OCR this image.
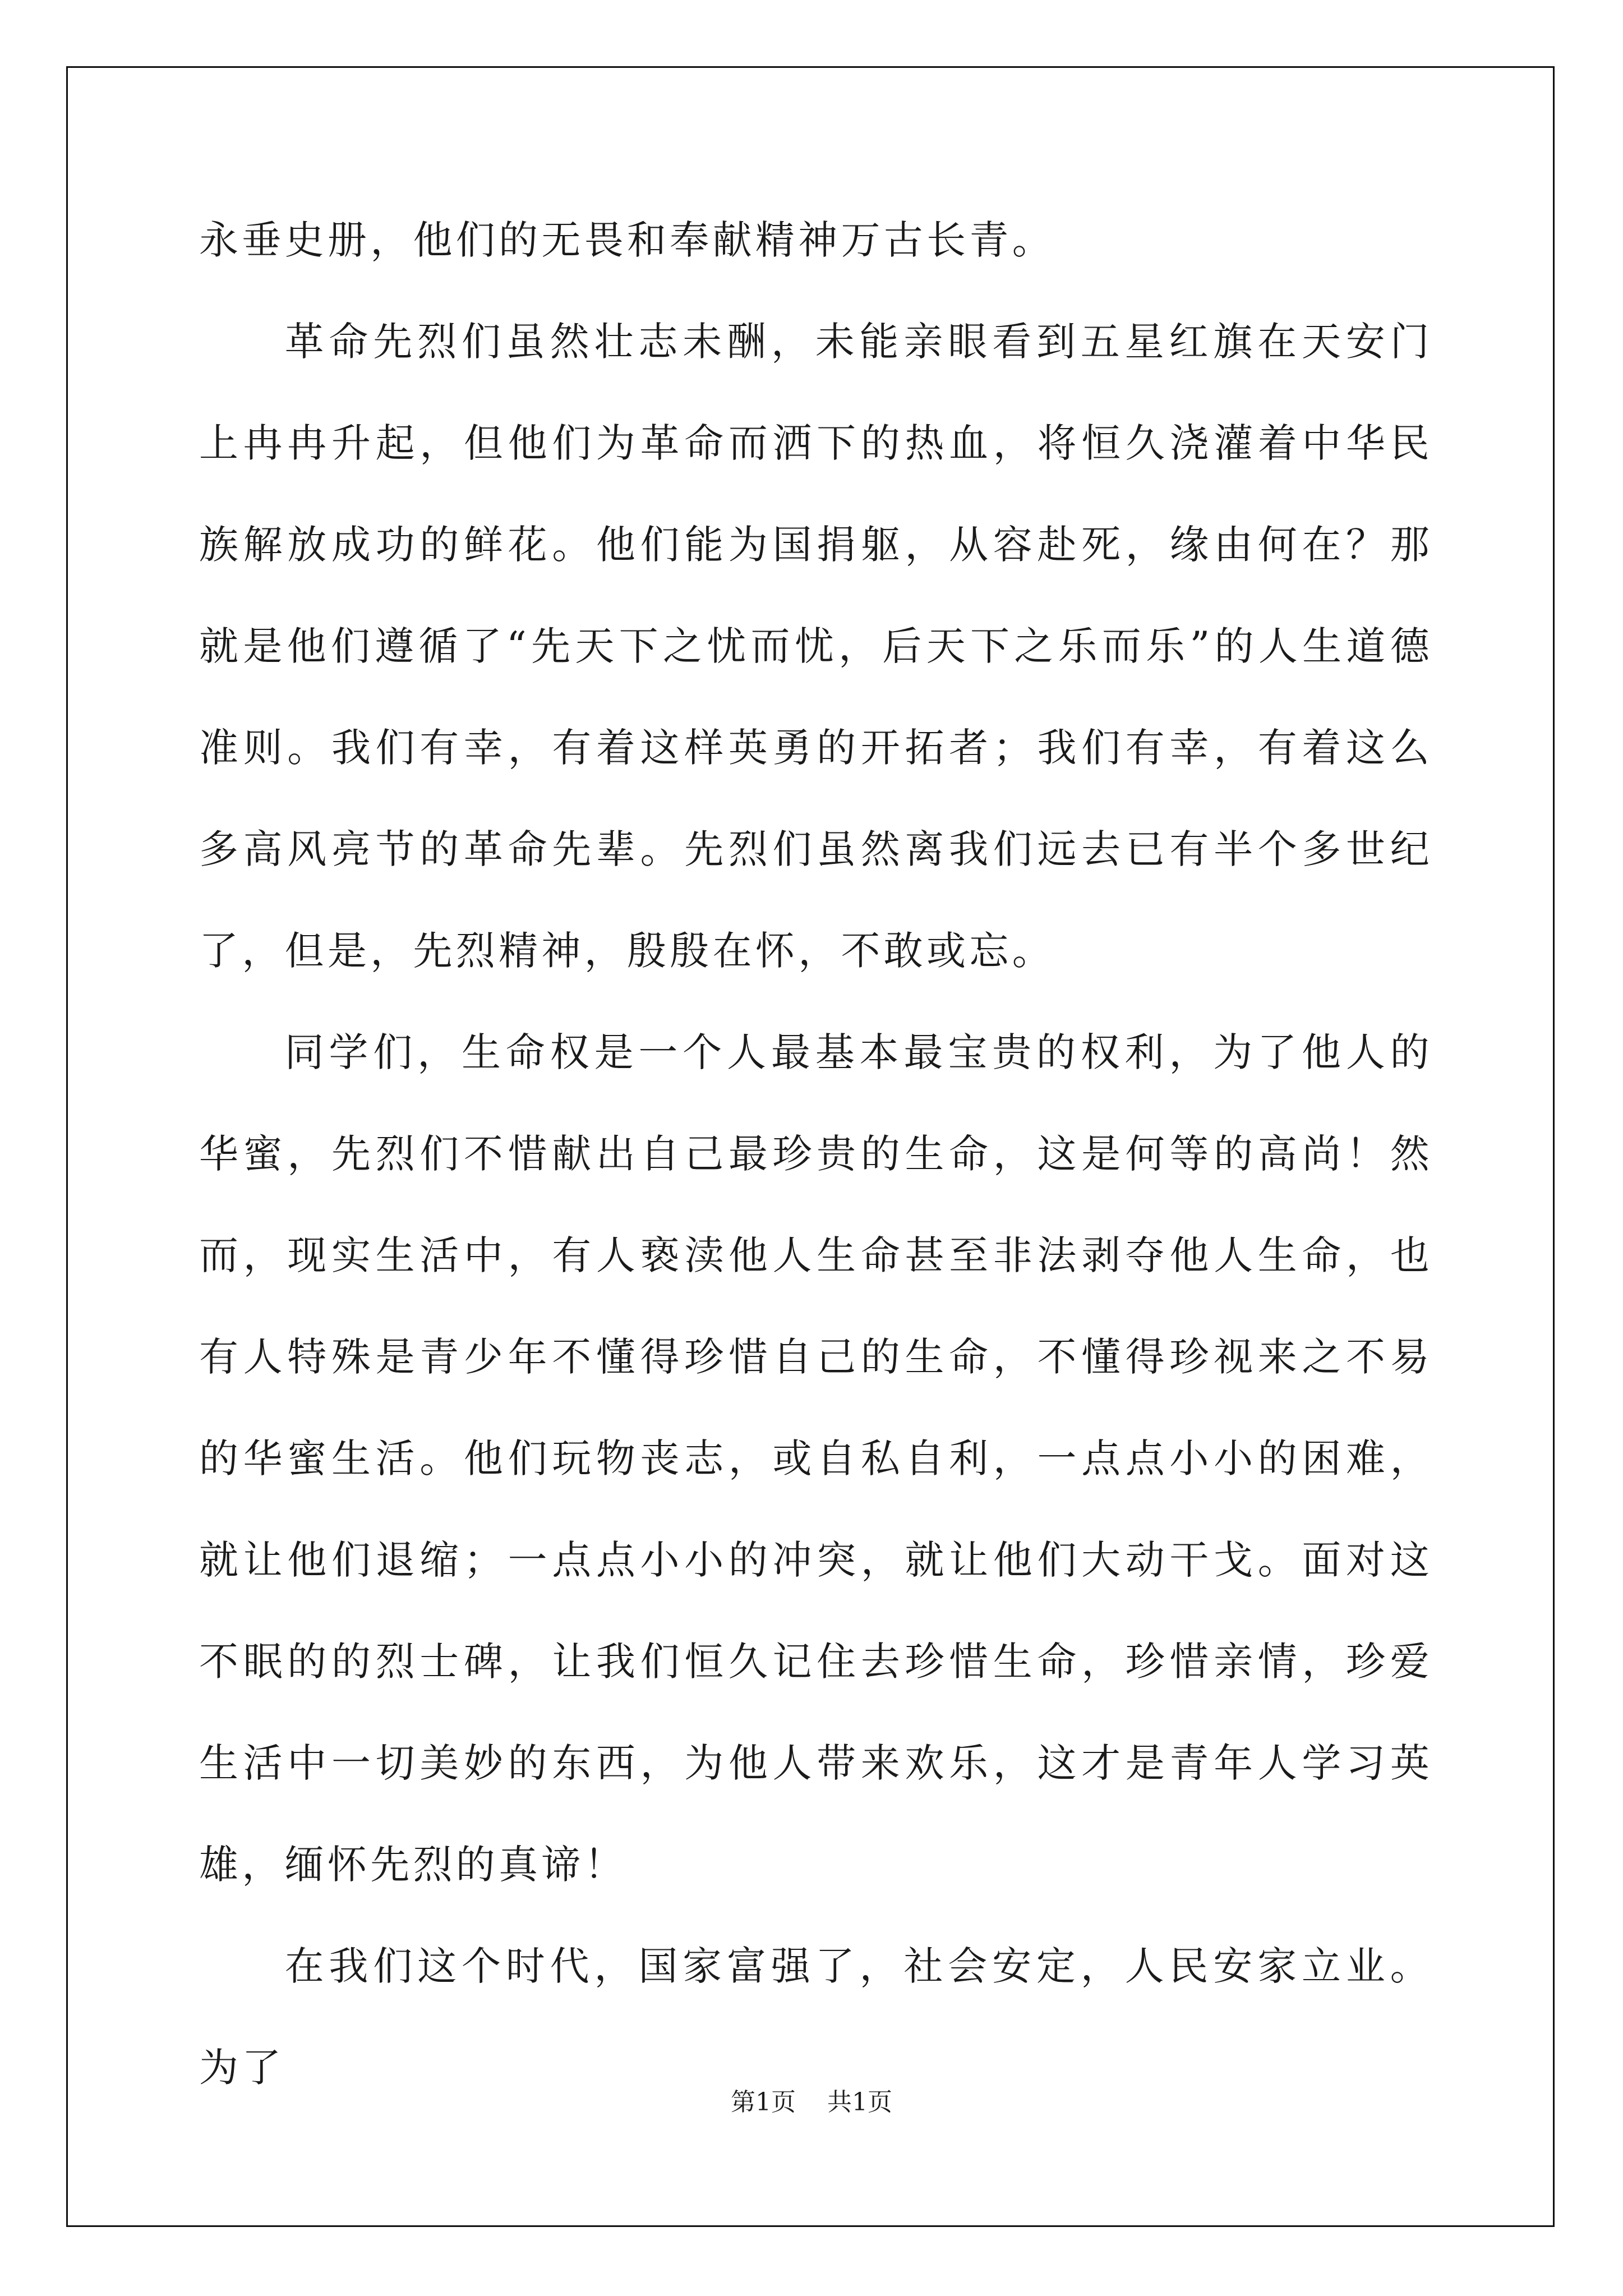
永垂史册，他们的无畏和奉献精神万古长青。

革命先烈们虽然壮志未酬，未能亲眼看到五星红旗在天安门上冉冉升起，但他们为革命而洒下的热血，将恒久浇灌着中华民族解放成功的鲜花。他们能为国捐躯，从容赴死，缘由何在？那就是他们遵循了“先天下之忧而忧，后天下之乐而乐”的人生道德准则。我们有幸，有着这样英勇的开拓者；我们有幸，有着这么多高风亮节的革命先辈。先烈们虽然离我们远去已有半个多世纪了，但是，先烈精神，殷殷在怀，不敢或忘。

同学们，生命权是一个人最基本最宝贵的权利，为了他人的华蜜，先烈们不惜献出自己最珍贵的生命，这是何等的高尚！然而，现实生活中，有人亵渎他人生命甚至非法剥夺他人生命，也有人特殊是青少年不懂得珍惜自己的生命，不懂得珍视来之不易的华蜜生活。他们玩物丧志，或自私自利，一点点小小的困难，就让他们退缩；一点点小小的冲突，就让他们大动干戈。面对这不眠的的烈士碑，让我们恒久记住去珍惜生命，珍惜亲情，珍爱生活中一切美妙的东西，为他人带来欢乐，这才是青年人学习英雄，缅怀先烈的真谛！

在我们这个时代，国家富强了，社会安定，人民安家立业。为了

第1页 共1页
